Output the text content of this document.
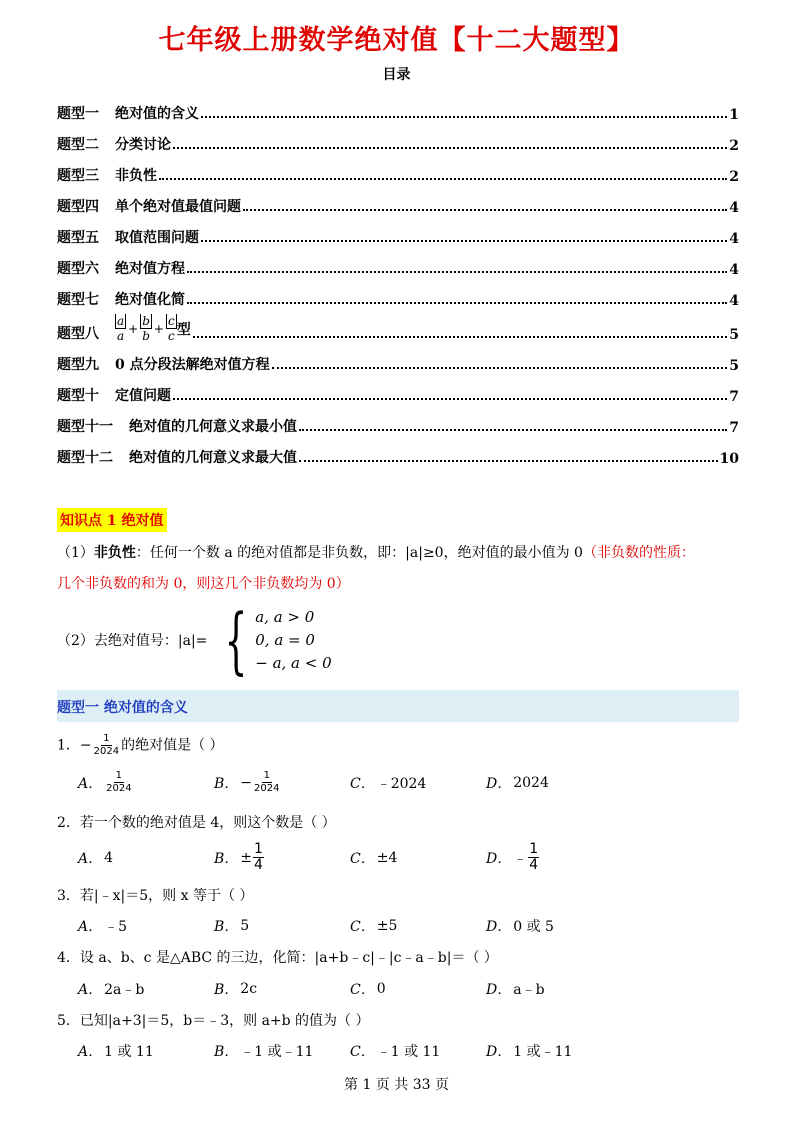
七年级上册数学绝对值【十二大题型】
目录
题型一 绝对值的含义	1
题型二 分类讨论	2
题型三 非负性	2
题型四 单个绝对值最值问题	4
题型五 取值范围问题	4
题型六 绝对值方程	4
题型七 绝对值化简	4
题型八 $\frac{a}{a} + \frac{b}{b} + \frac{c}{c}$ 型	5
题型九 0 点分段法解绝对值方程	5
题型十 定值问题	7
题型十一 绝对值的几何意义求最小值	7
题型十二 绝对值的几何意义求最大值	10
知识点 1 绝对值
（1）非负性：任何一个数 a 的绝对值都是非负数，即：|a|≥0，绝对值的最小值为 0（非负数的性质：
几个非负数的和为 0，则这几个非负数均为 0）
（2）去绝对值号：|a|= { a, a > 0
0, a = 0
− a, a < 0
题型一 绝对值的含义
1．− $\frac{1}{2024}$ 的绝对值是（ ）
A． 1
2024	B． − $\frac{1}{2024}$	C． ﹣2024	D． 2024
2．若一个数的绝对值是 4，则这个数是（ ）
A． 4	B． ± $\frac{1}{4}$	C． ±4	D． ﹣
1
4
3．若|﹣x|＝5，则 x 等于（ ）
A． ﹣5	B． 5	C． ±5	D． 0 或 5
4．设 a、b、c 是△ABC 的三边，化简：|a+b﹣c|﹣|c﹣a﹣b|＝（ ）
A． 2a﹣b	B． 2c	C． 0	D． a﹣b
5．已知|a+3|＝5，b＝﹣3，则 a+b 的值为（ ）
A． 1 或 11	B． ﹣1 或﹣11	C． ﹣1 或 11	D． 1 或﹣11
第 1 页 共 33 页
